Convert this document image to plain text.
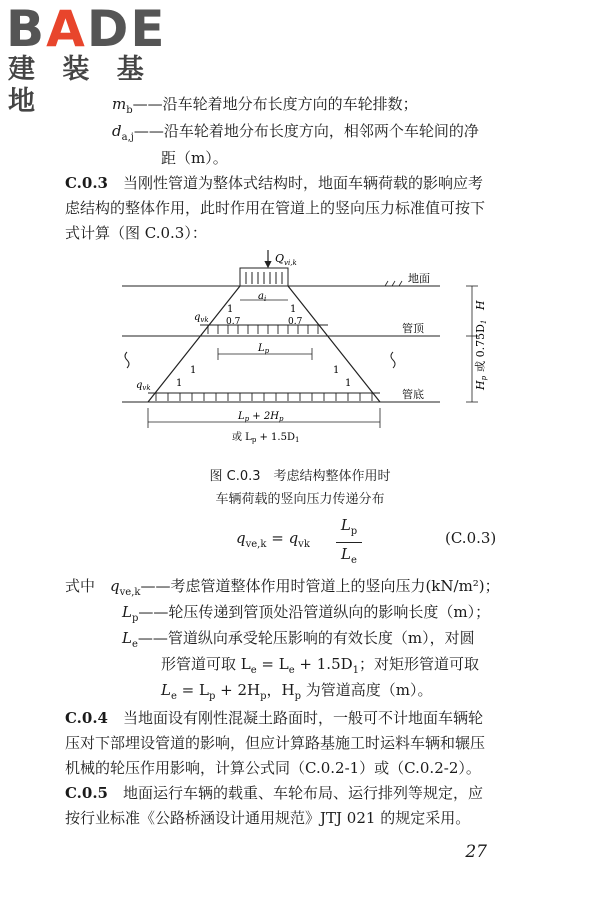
BADE
建 装 基 地	$m_b——$沿车轮着地分布长度方向的车轮排数；
$d_{a,j}——$沿车轮着地分布长度方向，相邻两个车轮间的净
距（m）。
C.0.3　 当刚性管道为整体式结构时，地面车辆荷载的影响应考
虑结构的整体作用，此时作用在管道上的竖向压力标准值可按下
式计算（图 C.0.3）：
$Q_{vi,k}$
$a_i$
$q_{vk}$
1
0.7
1
0.7
$L_p$
1
1
1
1
$q_{vk}$
地面
管顶
管底
H
Hp或 0.75D1
$L_p + 2H_p$
或 $L_p + 1.5D_1$
图 C.0.3　考虑结构整体作用时
车辆荷载的竖向压力传递分布
$q_{ve,k} = q_{vk}$
$L_p$
$L_e$
(C.0.3)
式中　 $q_{ve,k}——$考虑管道整体作用时管道上的竖向压力(kN/m²)；
$L_p——$轮压传递到管顶处沿管道纵向的影响长度（m）；
$L_e——$管道纵向承受轮压影响的有效长度（m），对圆
形管道可取 $L_e = L_e + 1.5D_1$；对矩形管道可取
$L_e = L_p + 2H_p$，$H_p$ 为管道高度（m）。
C.0.4　 当地面设有刚性混凝土路面时，一般可不计地面车辆轮
压对下部埋设管道的影响，但应计算路基施工时运料车辆和辗压
机械的轮压作用影响，计算公式同（C.0.2-1）或（C.0.2-2）。
C.0.5　 地面运行车辆的载重、车轮布局、运行排列等规定，应
按行业标准《公路桥涵设计通用规范》JTJ 021 的规定采用。
27
